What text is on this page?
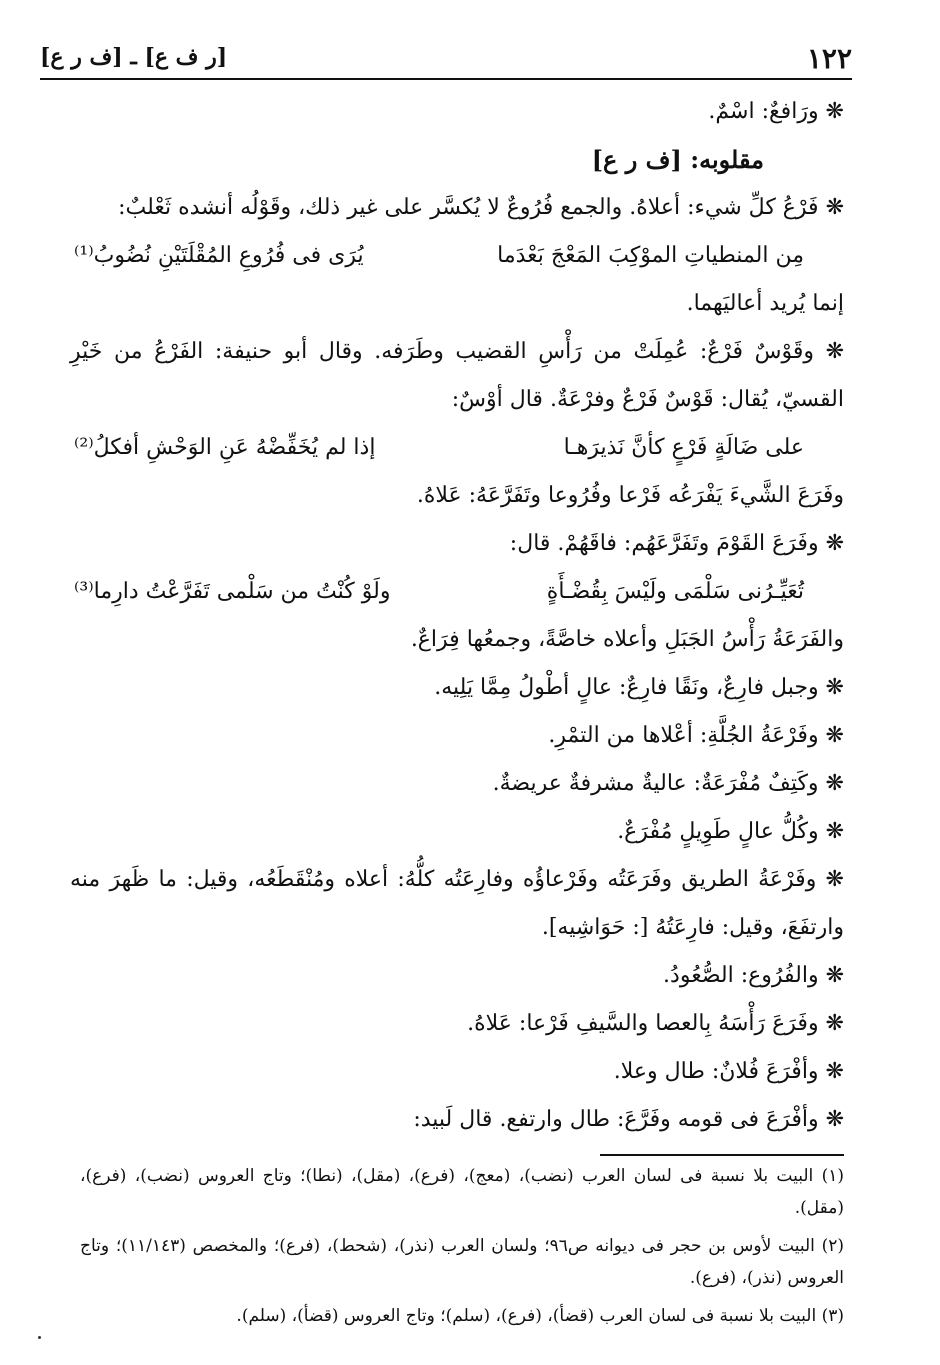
١٢٢
[ر ف ع] ـ [ف ر ع]
❋ ورَافعٌ: اسْمٌ.
مقلوبه: [ف ر ع]
❋ فَرْعُ كلِّ شيء: أعلاهُ. والجمع فُرُوعٌ لا يُكسَّر على غير ذلك، وقَوْلُه أنشده ثَعْلبٌ:
مِن المنطياتِ الموْكِبَ المَعْجَ بَعْدَما
يُرَى فى فُرُوعِ المُقْلَتَيْنِ نُضُوبُ⁽¹⁾
إنما يُريد أعاليَهما.
❋ وقَوْسٌ فَرْعٌ: عُمِلَتْ من رَأْسِ القضيب وطَرَفه. وقال أبو حنيفة: الفَرْعُ من خَيْرِ القسيّ، يُقال: قَوْسٌ فَرْعٌ وفرْعَةٌ. قال أوْسٌ:
على ضَالَةٍ فَرْعٍ كأنَّ نَذيرَهـا
إذا لم يُخَفِّضْهُ عَنِ الوَحْشِ أفكلُ⁽²⁾
وفَرَعَ الشَّيءَ يَفْرَعُه فَرْعا وفُرُوعا وتَفَرَّعَهُ: عَلاهُ.
❋ وفَرَعَ القَوْمَ وتَفَرَّعَهُم: فاقَهُمْ. قال:
تُعَيِّـرُنى سَلْمَى ولَيْسَ بِقُضْـأَةٍ
ولَوْ كُنْتُ من سَلْمى تَفَرَّعْتُ دارِما⁽³⁾
والفَرَعَةُ رَأْسُ الجَبَلِ وأعلاه خاصَّةً، وجمعُها فِرَاعٌ.
❋ وجبل فارِعٌ، ونَقًا فارِعٌ: عالٍ أطْولُ مِمَّا يَلِيه.
❋ وفَرْعَةُ الجُلَّةِ: أعْلاها من التمْرِ.
❋ وكَتِفٌ مُفْرَعَةٌ: عاليةٌ مشرفةٌ عريضةٌ.
❋ وكُلُّ عالٍ طَوِيلٍ مُفْرَعٌ.
❋ وفَرْعَةُ الطريق وفَرَعَتُه وفَرْعاؤُه وفارِعَتُه كلُّهُ: أعلاه ومُنْقَطَعُه، وقيل: ما ظَهرَ منه وارتفَعَ، وقيل: فارِعَتُهُ [: حَوَاشِيه].
❋ والفُرُوع: الصُّعُودُ.
❋ وفَرَعَ رَأْسَهُ بِالعصا والسَّيفِ فَرْعا: عَلاهُ.
❋ وأفْرَعَ فُلانٌ: طال وعلا.
❋ وأفْرَعَ فى قومه وفَرَّعَ: طال وارتفع. قال لَبيد:
(١) البيت بلا نسبة فى لسان العرب (نضب)، (معج)، (فرع)، (مقل)، (نطا)؛ وتاج العروس (نضب)، (فرع)، (مقل).
(٢) البيت لأوس بن حجر فى ديوانه ص٩٦؛ ولسان العرب (نذر)، (شحط)، (فرع)؛ والمخصص (١١/١٤٣)؛ وتاج العروس (نذر)، (فرع).
(٣) البيت بلا نسبة فى لسان العرب (قضأ)، (فرع)، (سلم)؛ وتاج العروس (قضأ)، (سلم).
